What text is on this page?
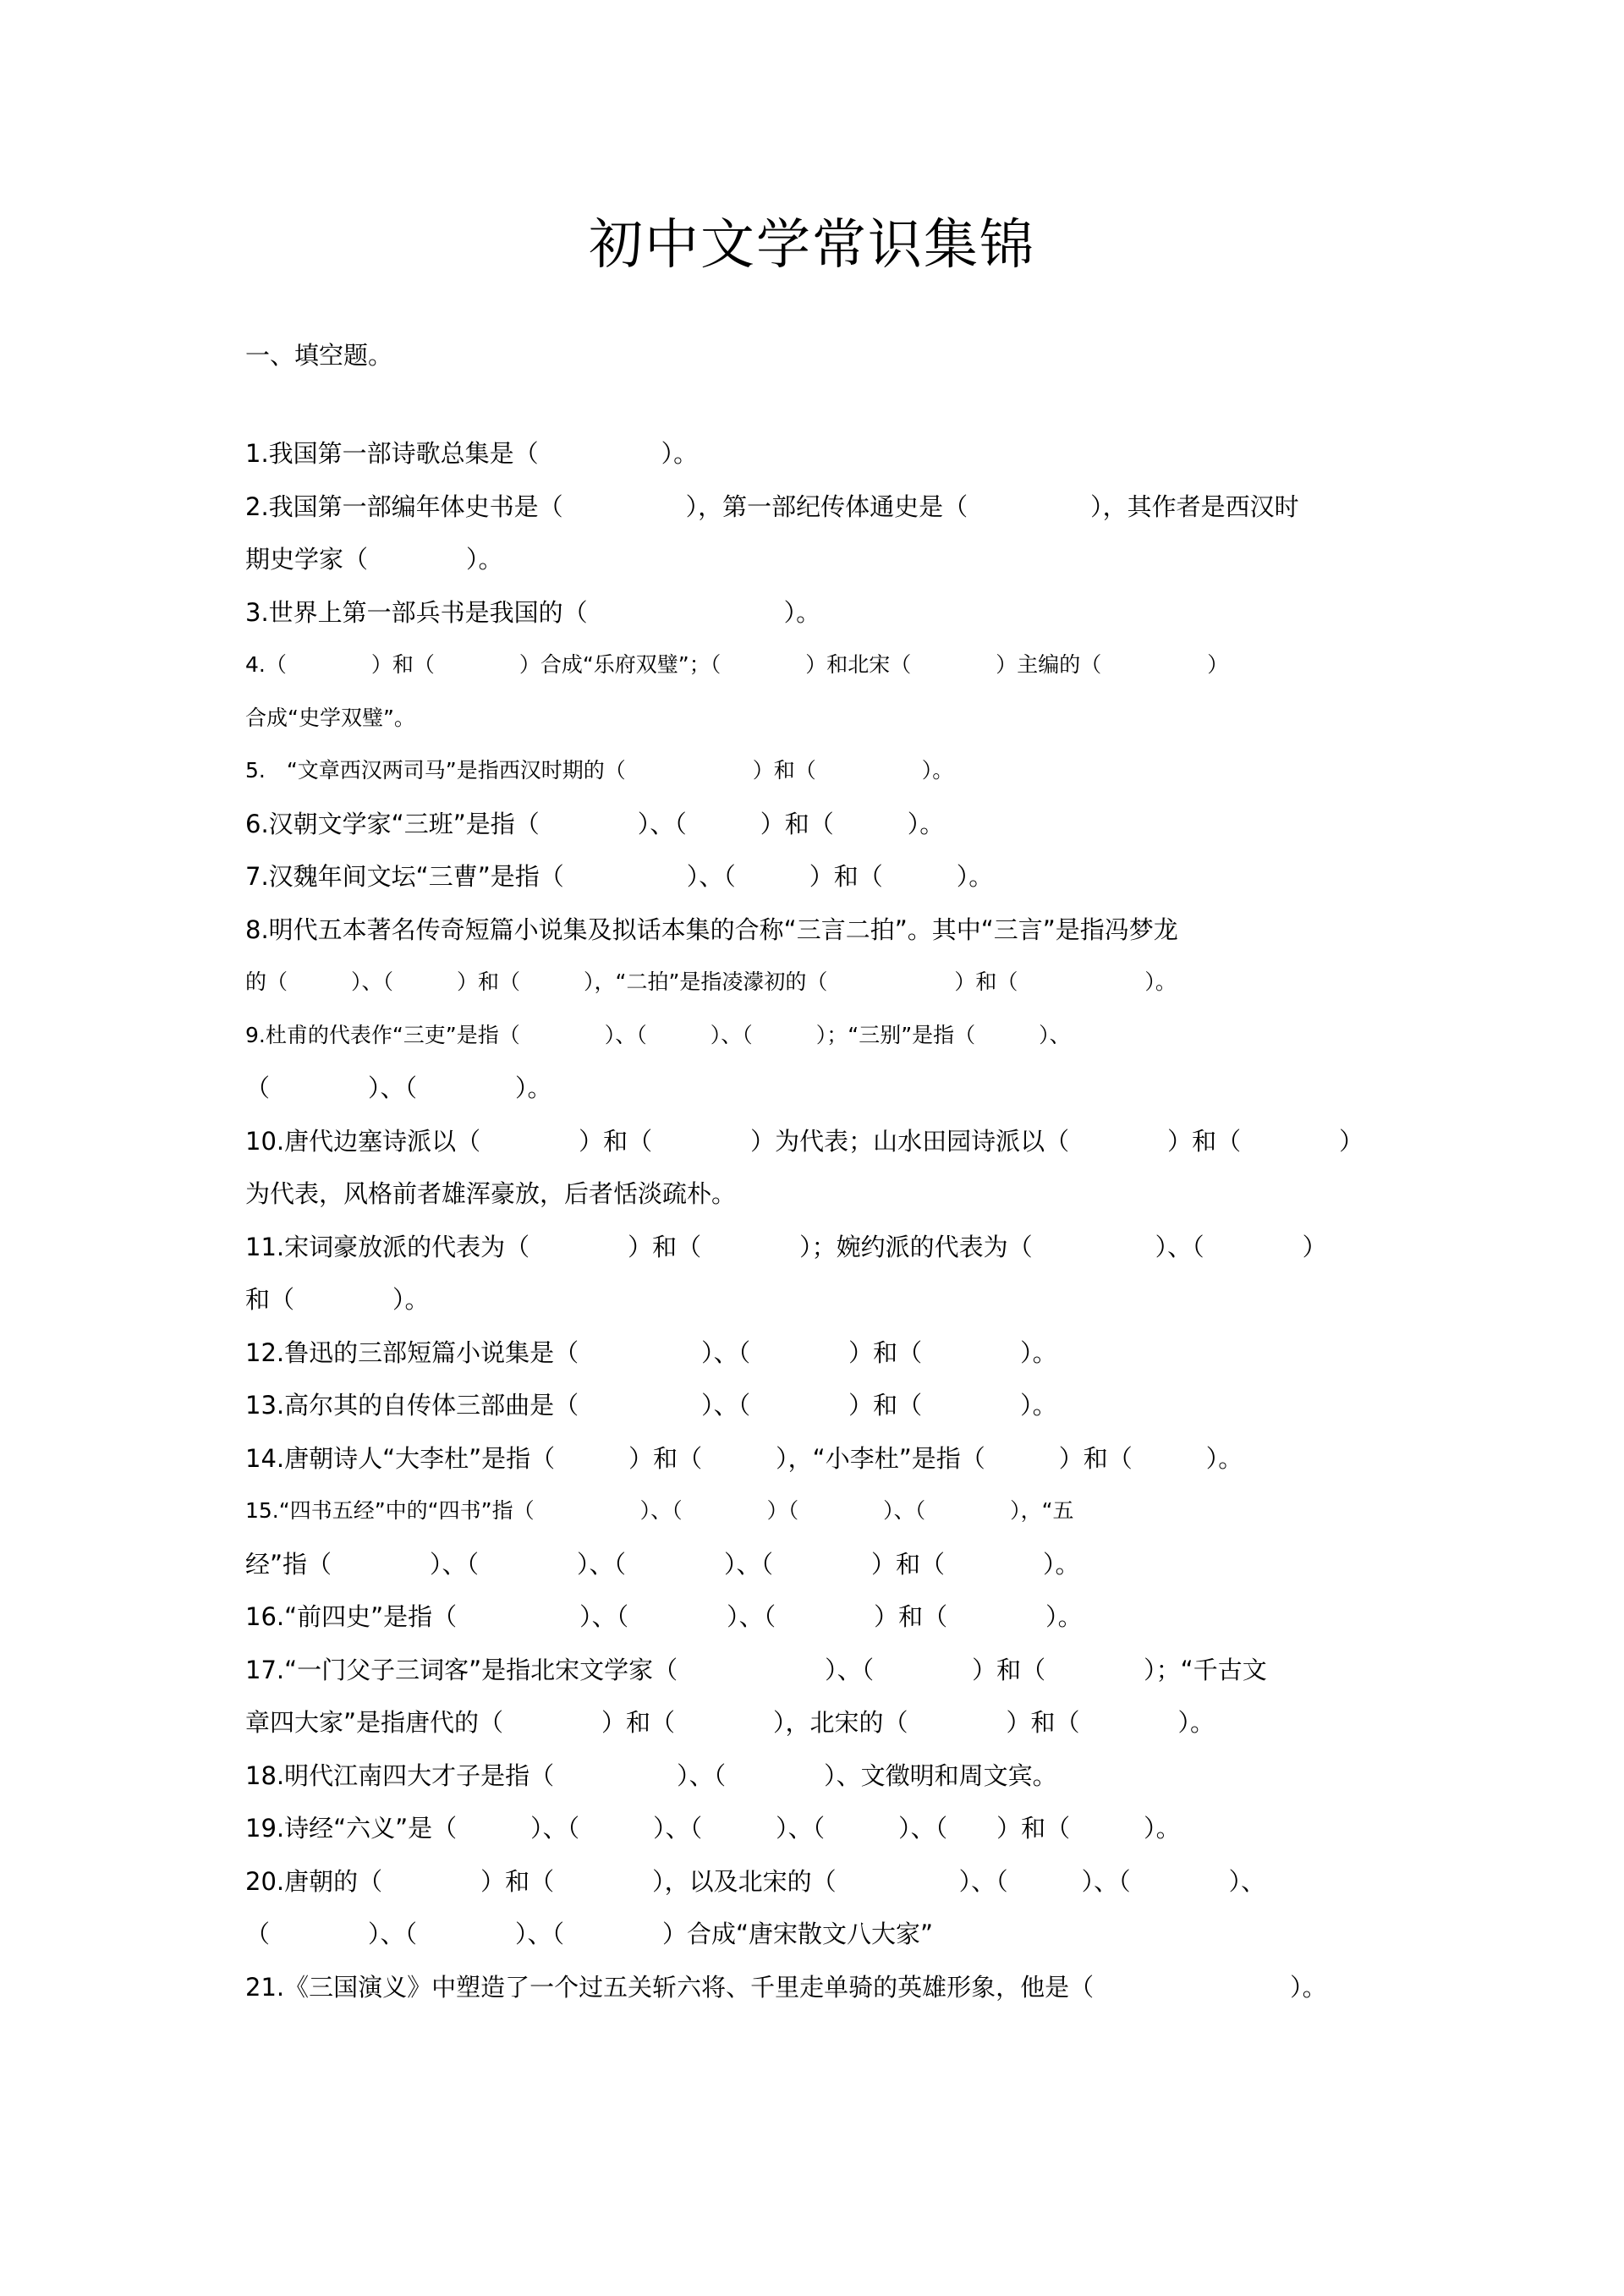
初中文学常识集锦
一、填空题。
1.我国第一部诗歌总集是（　　　　　）。
2.我国第一部编年体史书是（　　　　　），第一部纪传体通史是（　　　　　），其作者是西汉时
期史学家（　　　　）。
3.世界上第一部兵书是我国的（　　　　　　　　）。
4.（　　　　）和（　　　　）合成“乐府双璧”；（　　　　）和北宋（　　　　）主编的（　　　　　）
合成“史学双璧”。
5.　“文章西汉两司马”是指西汉时期的（　　　　　　）和（　　　　　）。
6.汉朝文学家“三班”是指（　　　　）、（　　　）和（　　　）。
7.汉魏年间文坛“三曹”是指（　　　　　）、（　　　）和（　　　）。
8.明代五本著名传奇短篇小说集及拟话本集的合称“三言二拍”。其中“三言”是指冯梦龙
的（　　　）、（　　　）和（　　　），“二拍”是指凌濛初的（　　　　　　）和（　　　　　　）。
9.杜甫的代表作“三吏”是指（　　　　）、（　　　）、（　　　）；“三别”是指（　　　）、
（　　　　）、（　　　　）。
10.唐代边塞诗派以（　　　　）和（　　　　）为代表；山水田园诗派以（　　　　）和（　　　　）
为代表，风格前者雄浑豪放，后者恬淡疏朴。
11.宋词豪放派的代表为（　　　　）和（　　　　）；婉约派的代表为（　　　　　）、（　　　　）
和（　　　　）。
12.鲁迅的三部短篇小说集是（　　　　　）、（　　　　）和（　　　　）。
13.高尔其的自传体三部曲是（　　　　　）、（　　　　）和（　　　　）。
14.唐朝诗人“大李杜”是指（　　　）和（　　　），“小李杜”是指（　　　）和（　　　）。
15.“四书五经”中的“四书”指（　　　　　）、（　　　　）（　　　　）、（　　　　），“五
经”指（　　　　）、（　　　　）、（　　　　）、（　　　　）和（　　　　）。
16.“前四史”是指（　　　　　）、（　　　　）、（　　　　）和（　　　　）。
17.“一门父子三词客”是指北宋文学家（　　　　　　）、（　　　　）和（　　　　）；“千古文
章四大家”是指唐代的（　　　　）和（　　　　），北宋的（　　　　）和（　　　　）。
18.明代江南四大才子是指（　　　　　）、（　　　　）、文徵明和周文宾。
19.诗经“六义”是（　　　）、（　　　）、（　　　）、（　　　）、（　　）和（　　　）。
20.唐朝的（　　　　）和（　　　　），以及北宋的（　　　　　）、（　　　）、（　　　　）、
（　　　　）、（　　　　）、（　　　　）合成“唐宋散文八大家”
21.《三国演义》中塑造了一个过五关斩六将、千里走单骑的英雄形象，他是（　　　　　　　　）。
